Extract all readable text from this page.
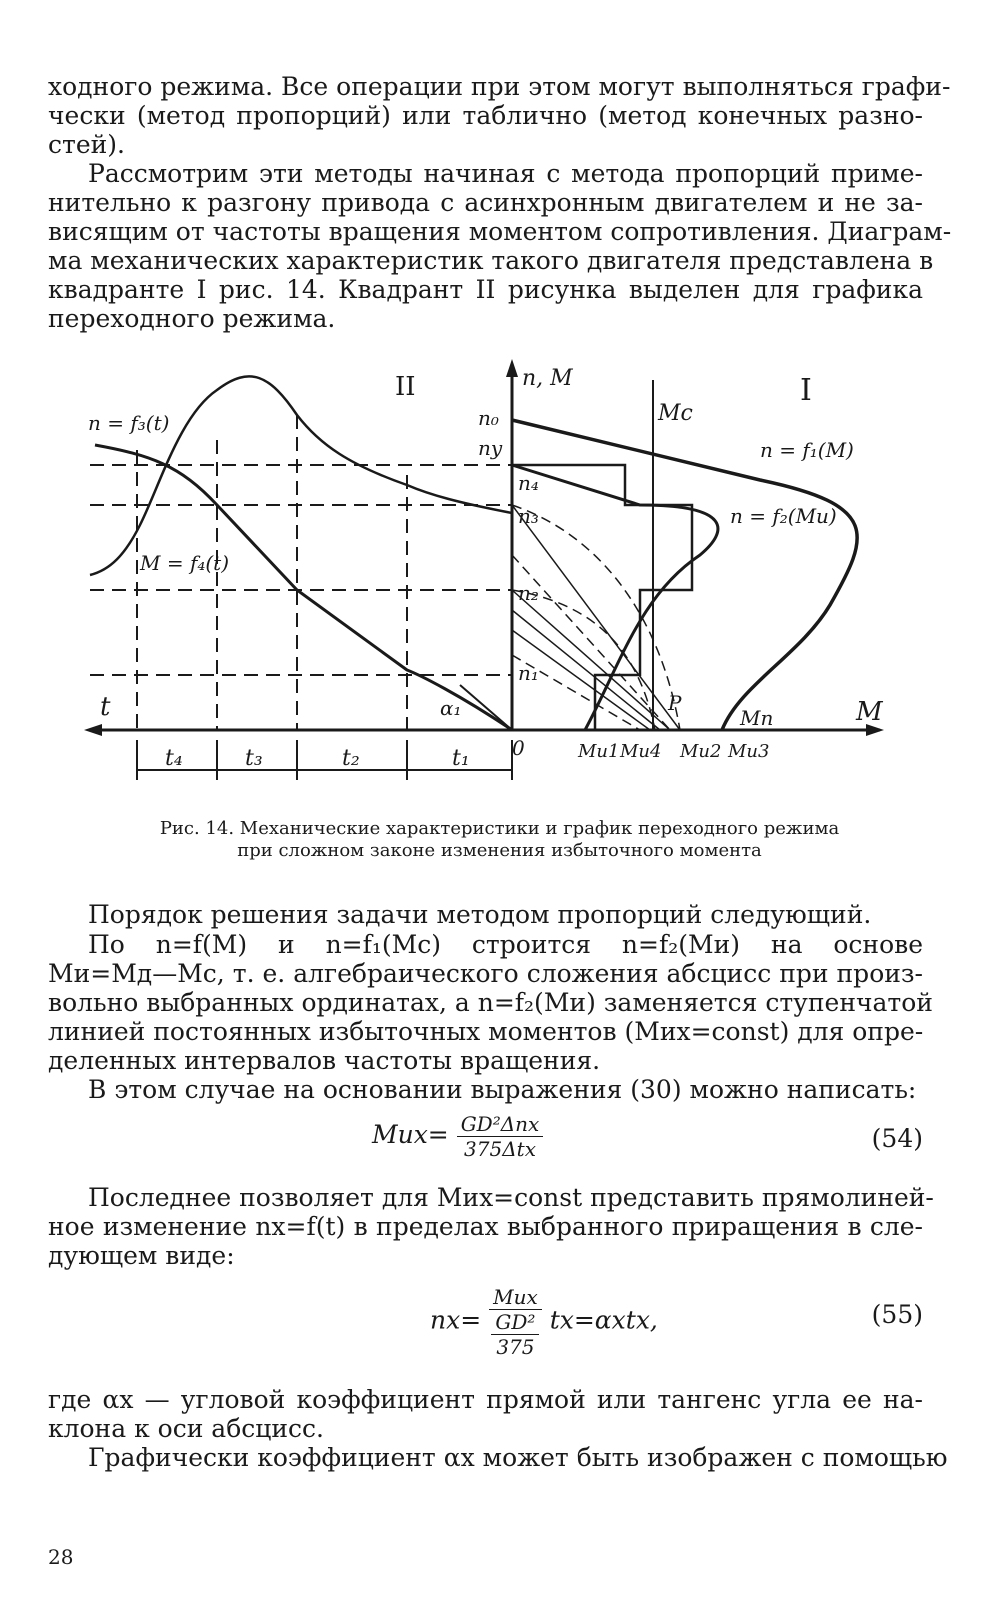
ходного режима. Все операции при этом могут выполняться графи-
чески (метод пропорций) или таблично (метод конечных разно-
стей).

Рассмотрим эти методы начиная с метода пропорций приме-
нительно к разгону привода с асинхронным двигателем и не за-
висящим от частоты вращения моментом сопротивления. Диаграм-
ма механических характеристик такого двигателя представлена в
квадранте I рис. 14. Квадрант II рисунка выделен для графика
переходного режима.

I
II	n, M
t	M
0
Mс
n₀
nу
n₄
n₃
n₂
n₁
n = f₁(M)
n = f₂(Mи)
n = f₃(t)
M = f₄(t)
Mп
P
α₁
Mи1 Mи4 Mи2 Mи3
t₄	t₃	t₂	t₁
Рис. 14. Механические характеристики и график переходного режима
при сложном законе изменения избыточного момента

Порядок решения задачи методом пропорций следующий.

По n=f(M) и n=f₁(Mс) строится n=f₂(Mи) на основе
Mи=Mд—Mс, т. е. алгебраического сложения абсцисс при произ-
вольно выбранных ординатах, а n=f₂(Mи) заменяется ступенчатой
линией постоянных избыточных моментов (Mиx=const) для опре-
деленных интервалов частоты вращения.

В этом случае на основании выражения (30) можно написать:

$Mиx= \frac{\text{GD²Δnx}}{\text{375Δtx}}$	(54)

Последнее позволяет для Mиx=const представить прямолиней-
ное изменение nx=f(t) в пределах выбранного приращения в сле-
дующем виде:

$nx= \frac{\text{Mиx}}{\frac{\text{GD²}}{375}} tx=\alpha xtx$,	(55)

где αx — угловой коэффициент прямой или тангенс угла ее на-
клона к оси абсцисс.

Графически коэффициент αx может быть изображен с помощью

28
